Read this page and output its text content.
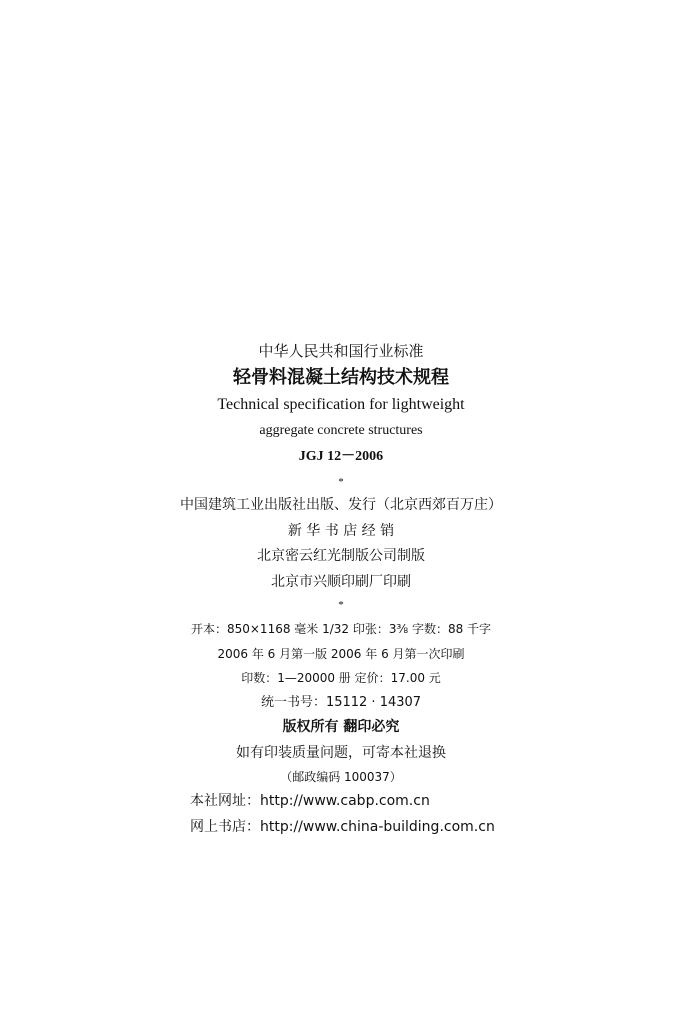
中华人民共和国行业标准
轻骨料混凝土结构技术规程
Technical specification for lightweight
aggregate concrete structures
JGJ 12－2006
*
中国建筑工业出版社出版、发行（北京西郊百万庄）
新 华 书 店 经 销
北京密云红光制版公司制版
北京市兴顺印刷厂印刷
*
开本：850×1168 毫米 1/32 印张：3⅜ 字数：88 千字
2006 年 6 月第一版 2006 年 6 月第一次印刷
印数：1—20000 册 定价：17.00 元
统一书号：15112 · 14307
版权所有 翻印必究
如有印装质量问题，可寄本社退换
（邮政编码 100037）
本社网址：http://www.cabp.com.cn
网上书店：http://www.china-building.com.cn
